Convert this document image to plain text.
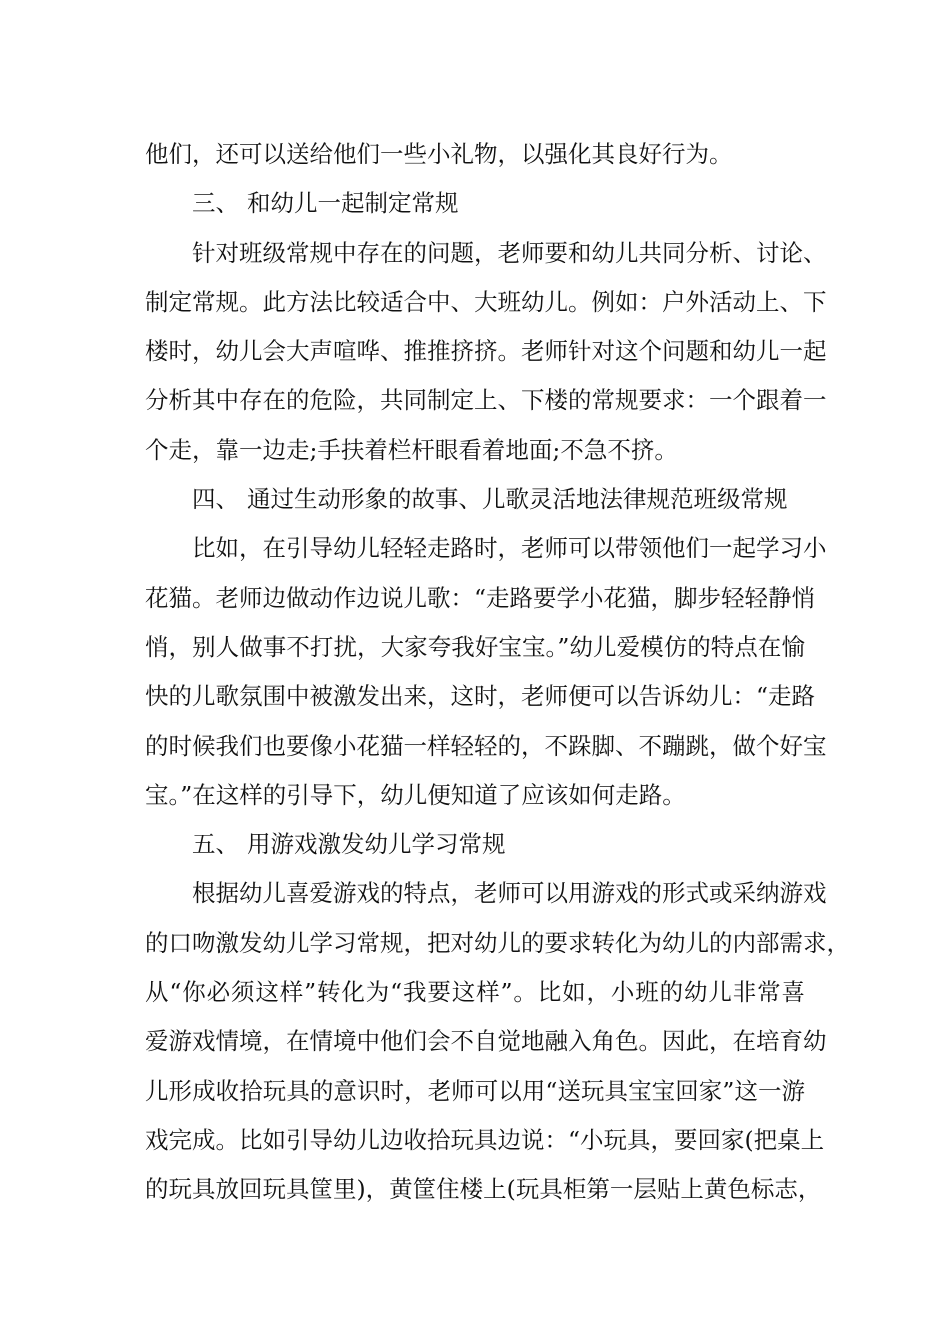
他们，还可以送给他们一些小礼物，以强化其良好行为。
三、 和幼儿一起制定常规
针对班级常规中存在的问题，老师要和幼儿共同分析、讨论、
制定常规。此方法比较适合中、大班幼儿。例如：户外活动上、下
楼时，幼儿会大声喧哗、推推挤挤。老师针对这个问题和幼儿一起
分析其中存在的危险，共同制定上、下楼的常规要求：一个跟着一
个走，靠一边走;手扶着栏杆眼看着地面;不急不挤。
四、 通过生动形象的故事、儿歌灵活地法律规范班级常规
比如，在引导幼儿轻轻走路时，老师可以带领他们一起学习小
花猫。老师边做动作边说儿歌：“走路要学小花猫，脚步轻轻静悄
悄，别人做事不打扰，大家夸我好宝宝。”幼儿爱模仿的特点在愉
快的儿歌氛围中被激发出来，这时，老师便可以告诉幼儿：“走路
的时候我们也要像小花猫一样轻轻的，不跺脚、不蹦跳，做个好宝
宝。”在这样的引导下，幼儿便知道了应该如何走路。
五、 用游戏激发幼儿学习常规
根据幼儿喜爱游戏的特点，老师可以用游戏的形式或采纳游戏
的口吻激发幼儿学习常规，把对幼儿的要求转化为幼儿的内部需求，
从“你必须这样”转化为“我要这样”。比如，小班的幼儿非常喜
爱游戏情境，在情境中他们会不自觉地融入角色。因此，在培育幼
儿形成收拾玩具的意识时，老师可以用“送玩具宝宝回家”这一游
戏完成。比如引导幼儿边收拾玩具边说：“小玩具，要回家(把桌上
的玩具放回玩具筐里)，黄筐住楼上(玩具柜第一层贴上黄色标志，
